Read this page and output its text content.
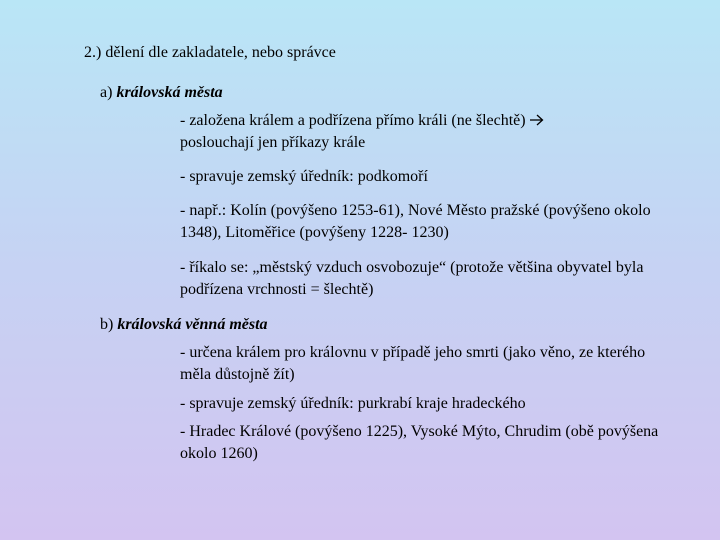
2.) dělení dle zakladatele, nebo správce
a) královská města
- založena králem a podřízena přímo králi (ne šlechtě)
poslouchají jen příkazy krále
- spravuje zemský úředník: podkomoří
- např.: Kolín (povýšeno 1253-61), Nové Město pražské (povýšeno okolo 1348), Litoměřice (povýšeny 1228- 1230)
- říkalo se: „městský vzduch osvobozuje“ (protože většina obyvatel byla podřízena vrchnosti = šlechtě)
b) královská věnná města
- určena králem pro královnu v případě jeho smrti (jako věno, ze kterého měla důstojně žít)
- spravuje zemský úředník: purkrabí kraje hradeckého
- Hradec Králové (povýšeno 1225), Vysoké Mýto, Chrudim (obě povýšena okolo 1260)
